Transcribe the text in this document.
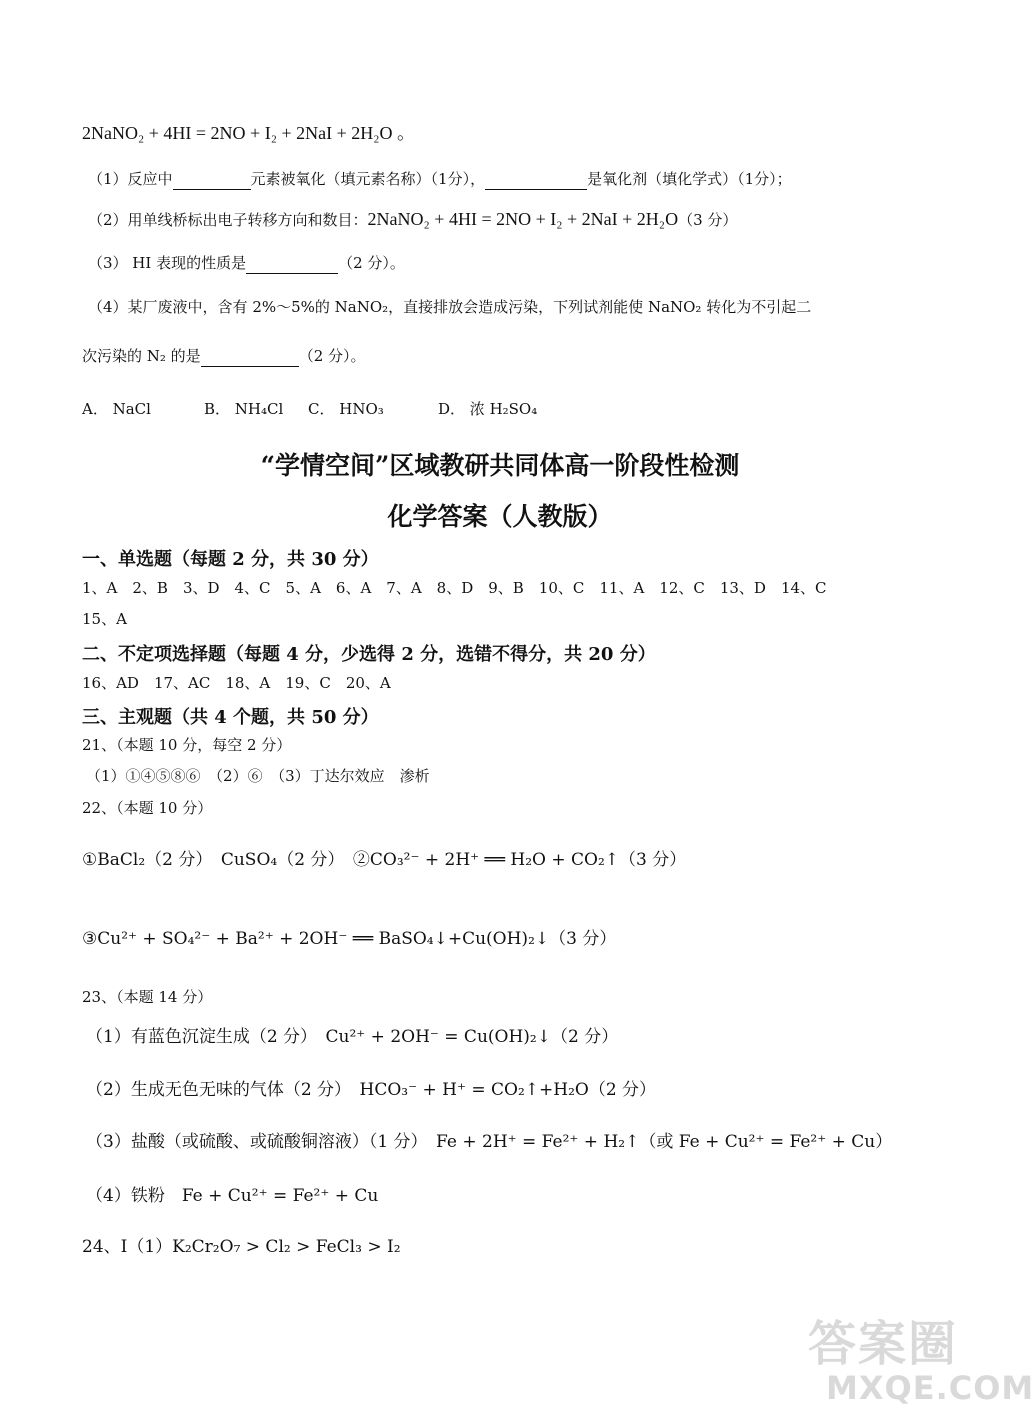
2NaNO₂ + 4HI = 2NO + I₂ + 2NaI + 2H₂O 。
（1）反应中	元素被氧化（填元素名称）（1分），	是氧化剂（填化学式）（1分）；
（2）用单线桥标出电子转移方向和数目：2NaNO₂ + 4HI = 2NO + I₂ + 2NaI + 2H₂O（3 分）
（3） HI 表现的性质是	（2 分）。
（4）某厂废液中，含有 2%～5%的 NaNO₂，直接排放会造成污染，下列试剂能使 NaNO₂ 转化为不引起二
次污染的 N₂ 的是	（2 分）。
A． NaCl	B． NH₄Cl C． HNO₃	D． 浓 H₂SO₄
“学情空间”区域教研共同体高一阶段性检测
化学答案（人教版）
一、单选题（每题 2 分，共 30 分）
1、A　2、B　3、D　4、C　5、A　6、A　7、A　8、D　9、B　10、C　11、A　12、C　13、D　14、C
15、A
二、不定项选择题（每题 4 分，少选得 2 分，选错不得分，共 20 分）
16、AD　17、AC　18、A　19、C　20、A
三、主观题（共 4 个题，共 50 分）
21、（本题 10 分，每空 2 分）
（1）①④⑤⑧⑥　（2）⑥　（3）丁达尔效应　渗析
22、（本题 10 分）
①BaCl₂（2 分）　CuSO₄（2 分）　②CO₃²⁻ + 2H⁺ ══ H₂O + CO₂↑（3 分）
③Cu²⁺ + SO₄²⁻ + Ba²⁺ + 2OH⁻ ══ BaSO₄↓+Cu(OH)₂↓（3 分）
23、（本题 14 分）
（1）有蓝色沉淀生成（2 分）　Cu²⁺ + 2OH⁻ = Cu(OH)₂↓（2 分）
（2）生成无色无味的气体（2 分）　HCO₃⁻ + H⁺ = CO₂↑+H₂O（2 分）
（3）盐酸（或硫酸、或硫酸铜溶液）（1 分）　Fe + 2H⁺ = Fe²⁺ + H₂↑（或 Fe + Cu²⁺ = Fe²⁺ + Cu）
（4）铁粉　Fe + Cu²⁺ = Fe²⁺ + Cu
24、Ⅰ（1）K₂Cr₂O₇ > Cl₂ > FeCl₃ > I₂
答案圈
MXQE.COM
